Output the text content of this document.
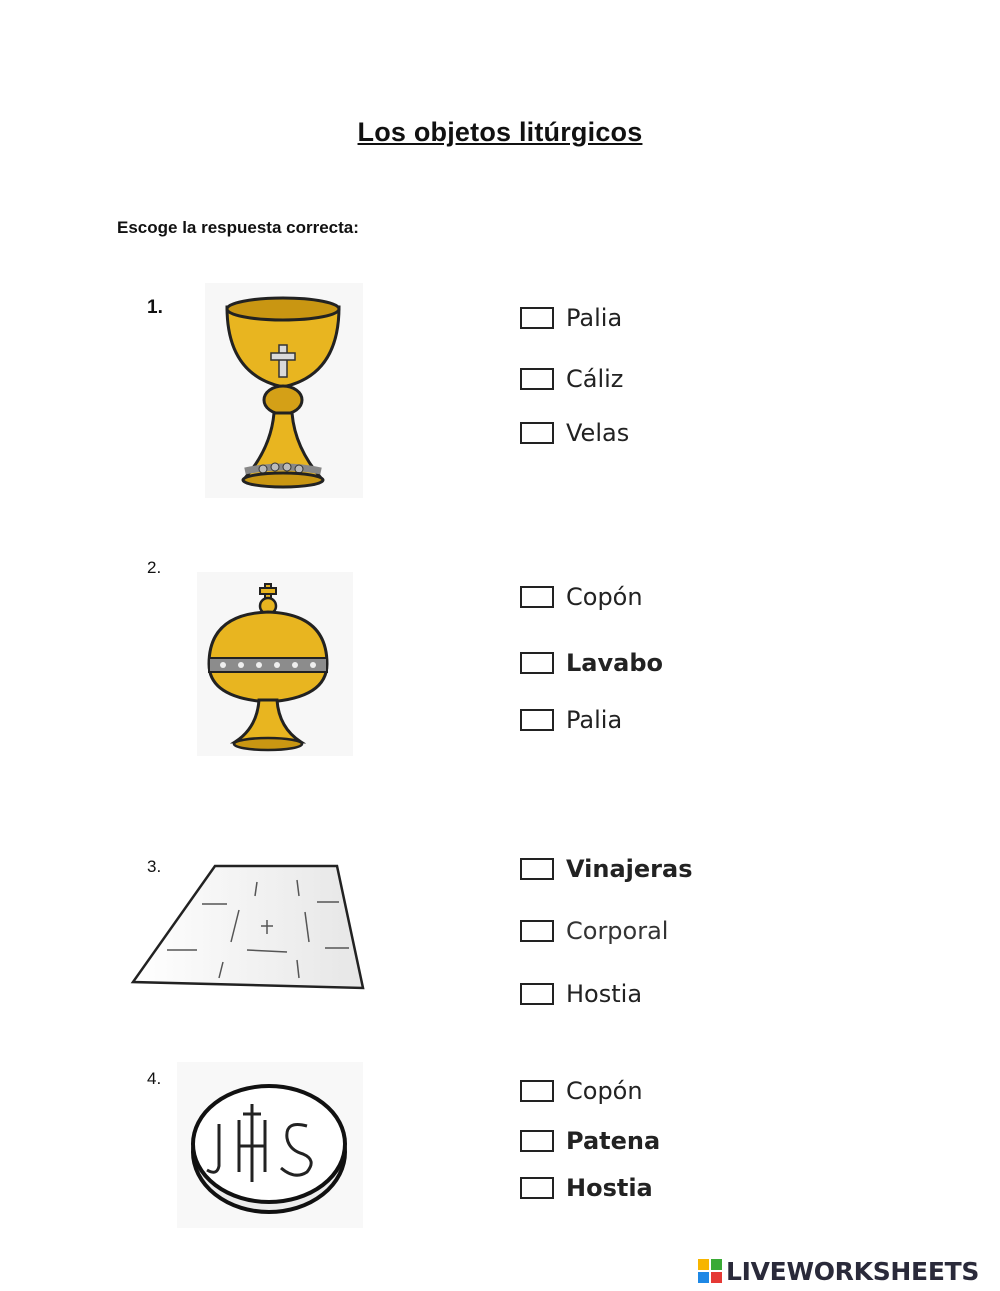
Los objetos litúrgicos
Escoge la respuesta correcta:
1.	Palia
Cáliz
Velas
2.
Copón
Lavabo
Palia
3.	Vinajeras
Corporal
Hostia
4.	Copón
Patena
Hostia
LIVEWORKSHEETS
